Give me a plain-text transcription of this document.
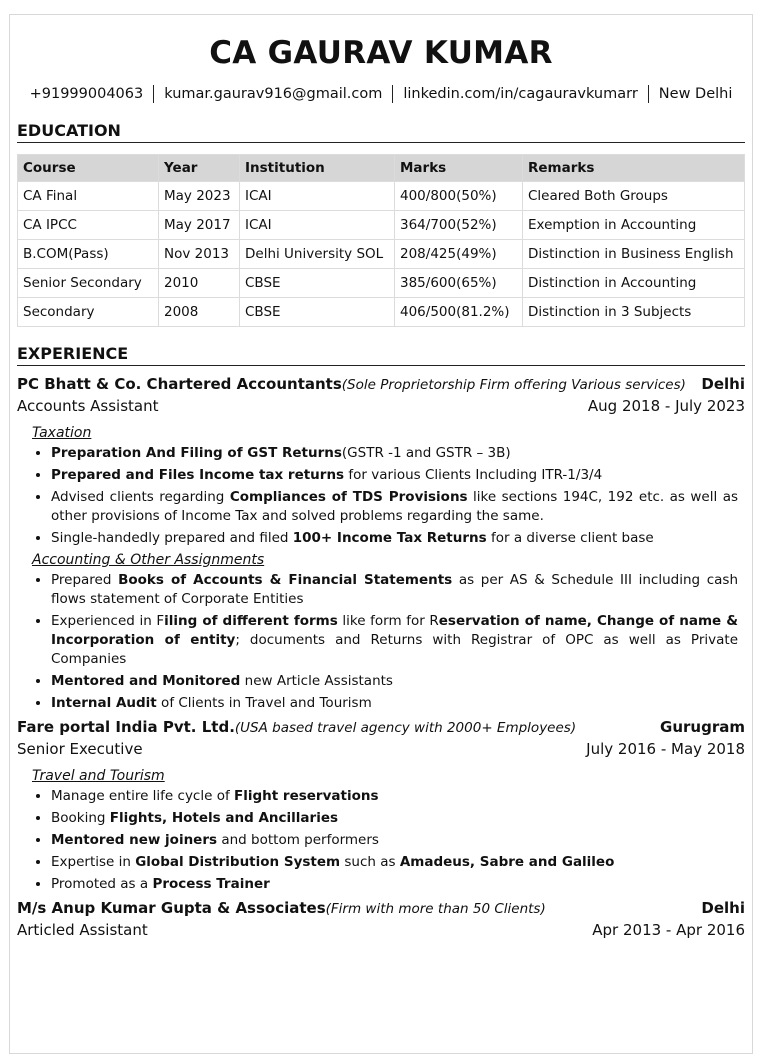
CA GAURAV KUMAR
+91999004063 kumar.gaurav916@gmail.com linkedin.com/in/cagauravkumarr New Delhi
EDUCATION
Course	Year	Institution	Marks	Remarks
CA Final	May 2023	ICAI	400/800(50%)	Cleared Both Groups
CA IPCC	May 2017	ICAI	364/700(52%)	Exemption in Accounting
B.COM(Pass)	Nov 2013	Delhi University SOL	208/425(49%)	Distinction in Business English
Senior Secondary	2010	CBSE	385/600(65%)	Distinction in Accounting
Secondary	2008	CBSE	406/500(81.2%)	Distinction in 3 Subjects
EXPERIENCE
PC Bhatt & Co. Chartered Accountants(Sole Proprietorship Firm offering Various services) Delhi
Accounts Assistant	Aug 2018 - July 2023
Taxation
• Preparation And Filing of GST Returns(GSTR -1 and GSTR – 3B)
• Prepared and Files Income tax returns for various Clients Including ITR-1/3/4
• Advised clients regarding Compliances of TDS Provisions like sections 194C, 192 etc. as well as other provisions of Income Tax and solved problems regarding the same.
• Single-handedly prepared and filed 100+ Income Tax Returns for a diverse client base
Accounting & Other Assignments
• Prepared Books of Accounts & Financial Statements as per AS & Schedule III including cash flows statement of Corporate Entities
• Experienced in Filing of different forms like form for Reservation of name, Change of name & Incorporation of entity; documents and Returns with Registrar of OPC as well as Private Companies
• Mentored and Monitored new Article Assistants
• Internal Audit of Clients in Travel and Tourism
Fare portal India Pvt. Ltd.(USA based travel agency with 2000+ Employees)	Gurugram
Senior Executive	July 2016 - May 2018
Travel and Tourism
• Manage entire life cycle of Flight reservations
• Booking Flights, Hotels and Ancillaries
• Mentored new joiners and bottom performers
• Expertise in Global Distribution System such as Amadeus, Sabre and Galileo
• Promoted as a Process Trainer
M/s Anup Kumar Gupta & Associates(Firm with more than 50 Clients)	Delhi
Articled Assistant	Apr 2013 - Apr 2016
